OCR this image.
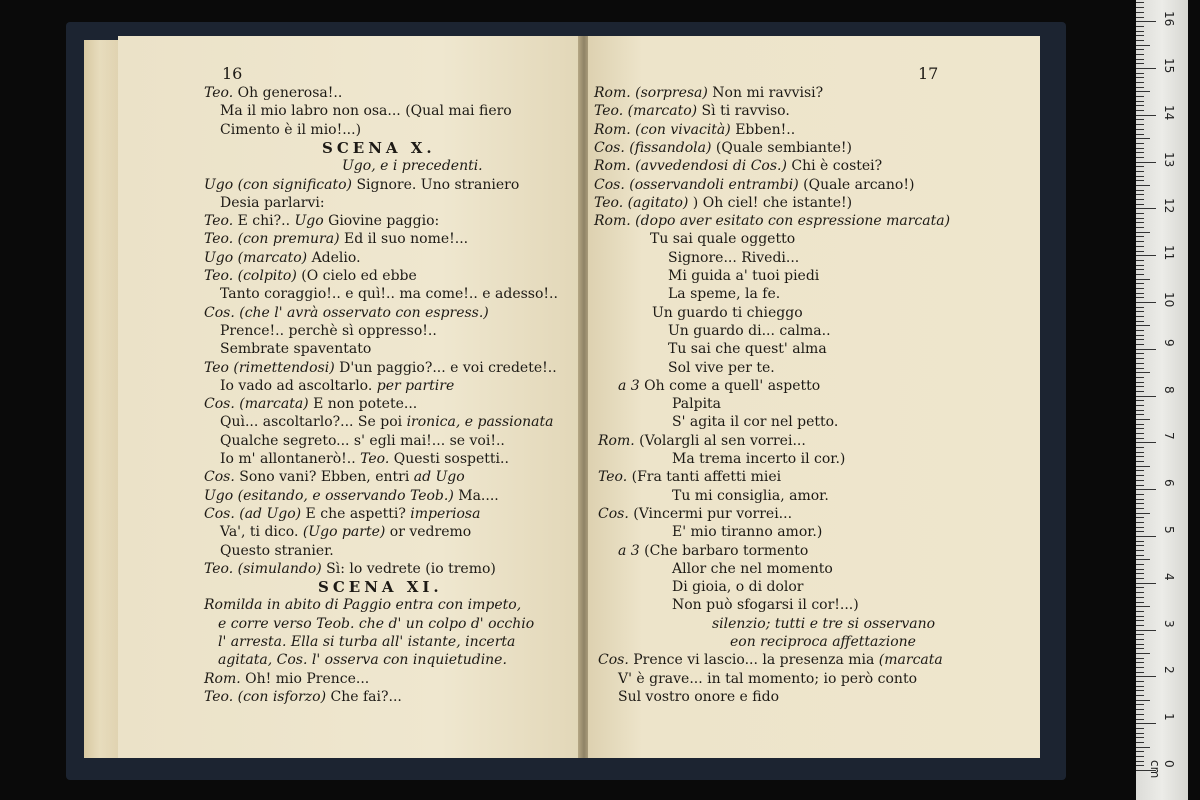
16
Teo. Oh generosa!..
Ma il mio labro non osa... (Qual mai fiero
Cimento è il mio!...)
SCENA X.
Ugo, e i precedenti.
Ugo (con significato) Signore. Uno straniero
Desia parlarvi:
Teo. E chi?.. Ugo Giovine paggio:
Teo. (con premura) Ed il suo nome!...
Ugo (marcato) Adelio.
Teo. (colpito) (O cielo ed ebbe
Tanto coraggio!.. e quì!.. ma come!.. e adesso!..
Cos. (che l' avrà osservato con espress.)
Prence!.. perchè sì oppresso!..
Sembrate spaventato
Teo (rimettendosi) D'un paggio?... e voi credete!..
Io vado ad ascoltarlo. per partire
Cos. (marcata) E non potete...
Quì... ascoltarlo?... Se poi ironica, e passionata
Qualche segreto... s' egli mai!... se voi!..
Io m' allontanerò!.. Teo. Questi sospetti..
Cos. Sono vani? Ebben, entri ad Ugo
Ugo (esitando, e osservando Teob.) Ma....
Cos. (ad Ugo) E che aspetti? imperiosa
Va', ti dico. (Ugo parte) or vedremo
Questo stranier.
Teo. (simulando) Sì: lo vedrete (io tremo)
SCENA XI.
Romilda in abito di Paggio entra con impeto,
e corre verso Teob. che d' un colpo d' occhio
l' arresta. Ella si turba all' istante, incerta
agitata, Cos. l' osserva con inquietudine.
Rom. Oh! mio Prence...
Teo. (con isforzo) Che fai?...
17
Rom. (sorpresa) Non mi ravvisi?
Teo. (marcato) Sì ti ravviso.
Rom. (con vivacità) Ebben!..
Cos. (fissandola) (Quale sembiante!)
Rom. (avvedendosi di Cos.) Chi è costei?
Cos. (osservandoli entrambi) (Quale arcano!)
Teo. (agitato) ) Oh ciel! che istante!)
Rom. (dopo aver esitato con espressione marcata)
Tu sai quale oggetto
Signore... Rivedi...
Mi guida a' tuoi piedi
La speme, la fe.
Un guardo ti chieggo
Un guardo di... calma..
Tu sai che quest' alma
Sol vive per te.
a 3 Oh come a quell' aspetto
Palpita
S' agita il cor nel petto.
Rom. (Volargli al sen vorrei...
Ma trema incerto il cor.)
Teo. (Fra tanti affetti miei
Tu mi consiglia, amor.
Cos. (Vincermi pur vorrei...
E' mio tiranno amor.)
a 3 (Che barbaro tormento
Allor che nel momento
Di gioia, o di dolor
Non può sfogarsi il cor!...)
silenzio; tutti e tre si osservano
eon reciproca affettazione
Cos. Prence vi lascio... la presenza mia (marcata
V' è grave... in tal momento; io però conto
Sul vostro onore e fido
0 cm
1
2
3
4
5
6
7
8
9
10
11
12
13
14
15
16
